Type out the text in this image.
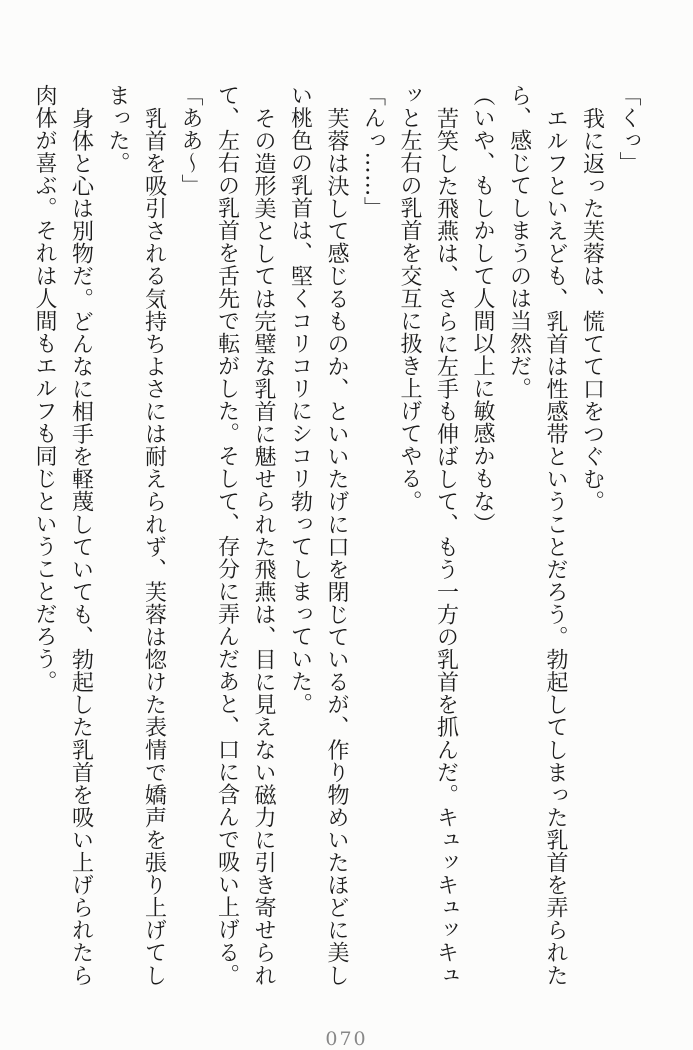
「くっ」
我に返った芙蓉は、慌てて口をつぐむ。
エルフといえども、乳首は性感帯ということだろう。勃起してしまった乳首を弄られた
ら、感じてしまうのは当然だ。
（いや、もしかして人間以上に敏感かもな）
苦笑した飛燕は、さらに左手も伸ばして、もう一方の乳首を抓んだ。キュッキュッキュ
ッと左右の乳首を交互に扱き上げてやる。
「んっ……」
芙蓉は決して感じるものか、といいたげに口を閉じているが、作り物めいたほどに美し
い桃色の乳首は、堅くコリコリにシコリ勃ってしまっていた。
その造形美としては完璧な乳首に魅せられた飛燕は、目に見えない磁力に引き寄せられ
て、左右の乳首を舌先で転がした。そして、存分に弄んだあと、口に含んで吸い上げる。
「ああ〜」
乳首を吸引される気持ちよさには耐えられず、芙蓉は惚けた表情で嬌声を張り上げてし
まった。
身体と心は別物だ。どんなに相手を軽蔑していても、勃起した乳首を吸い上げられたら
肉体が喜ぶ。それは人間もエルフも同じということだろう。
070
